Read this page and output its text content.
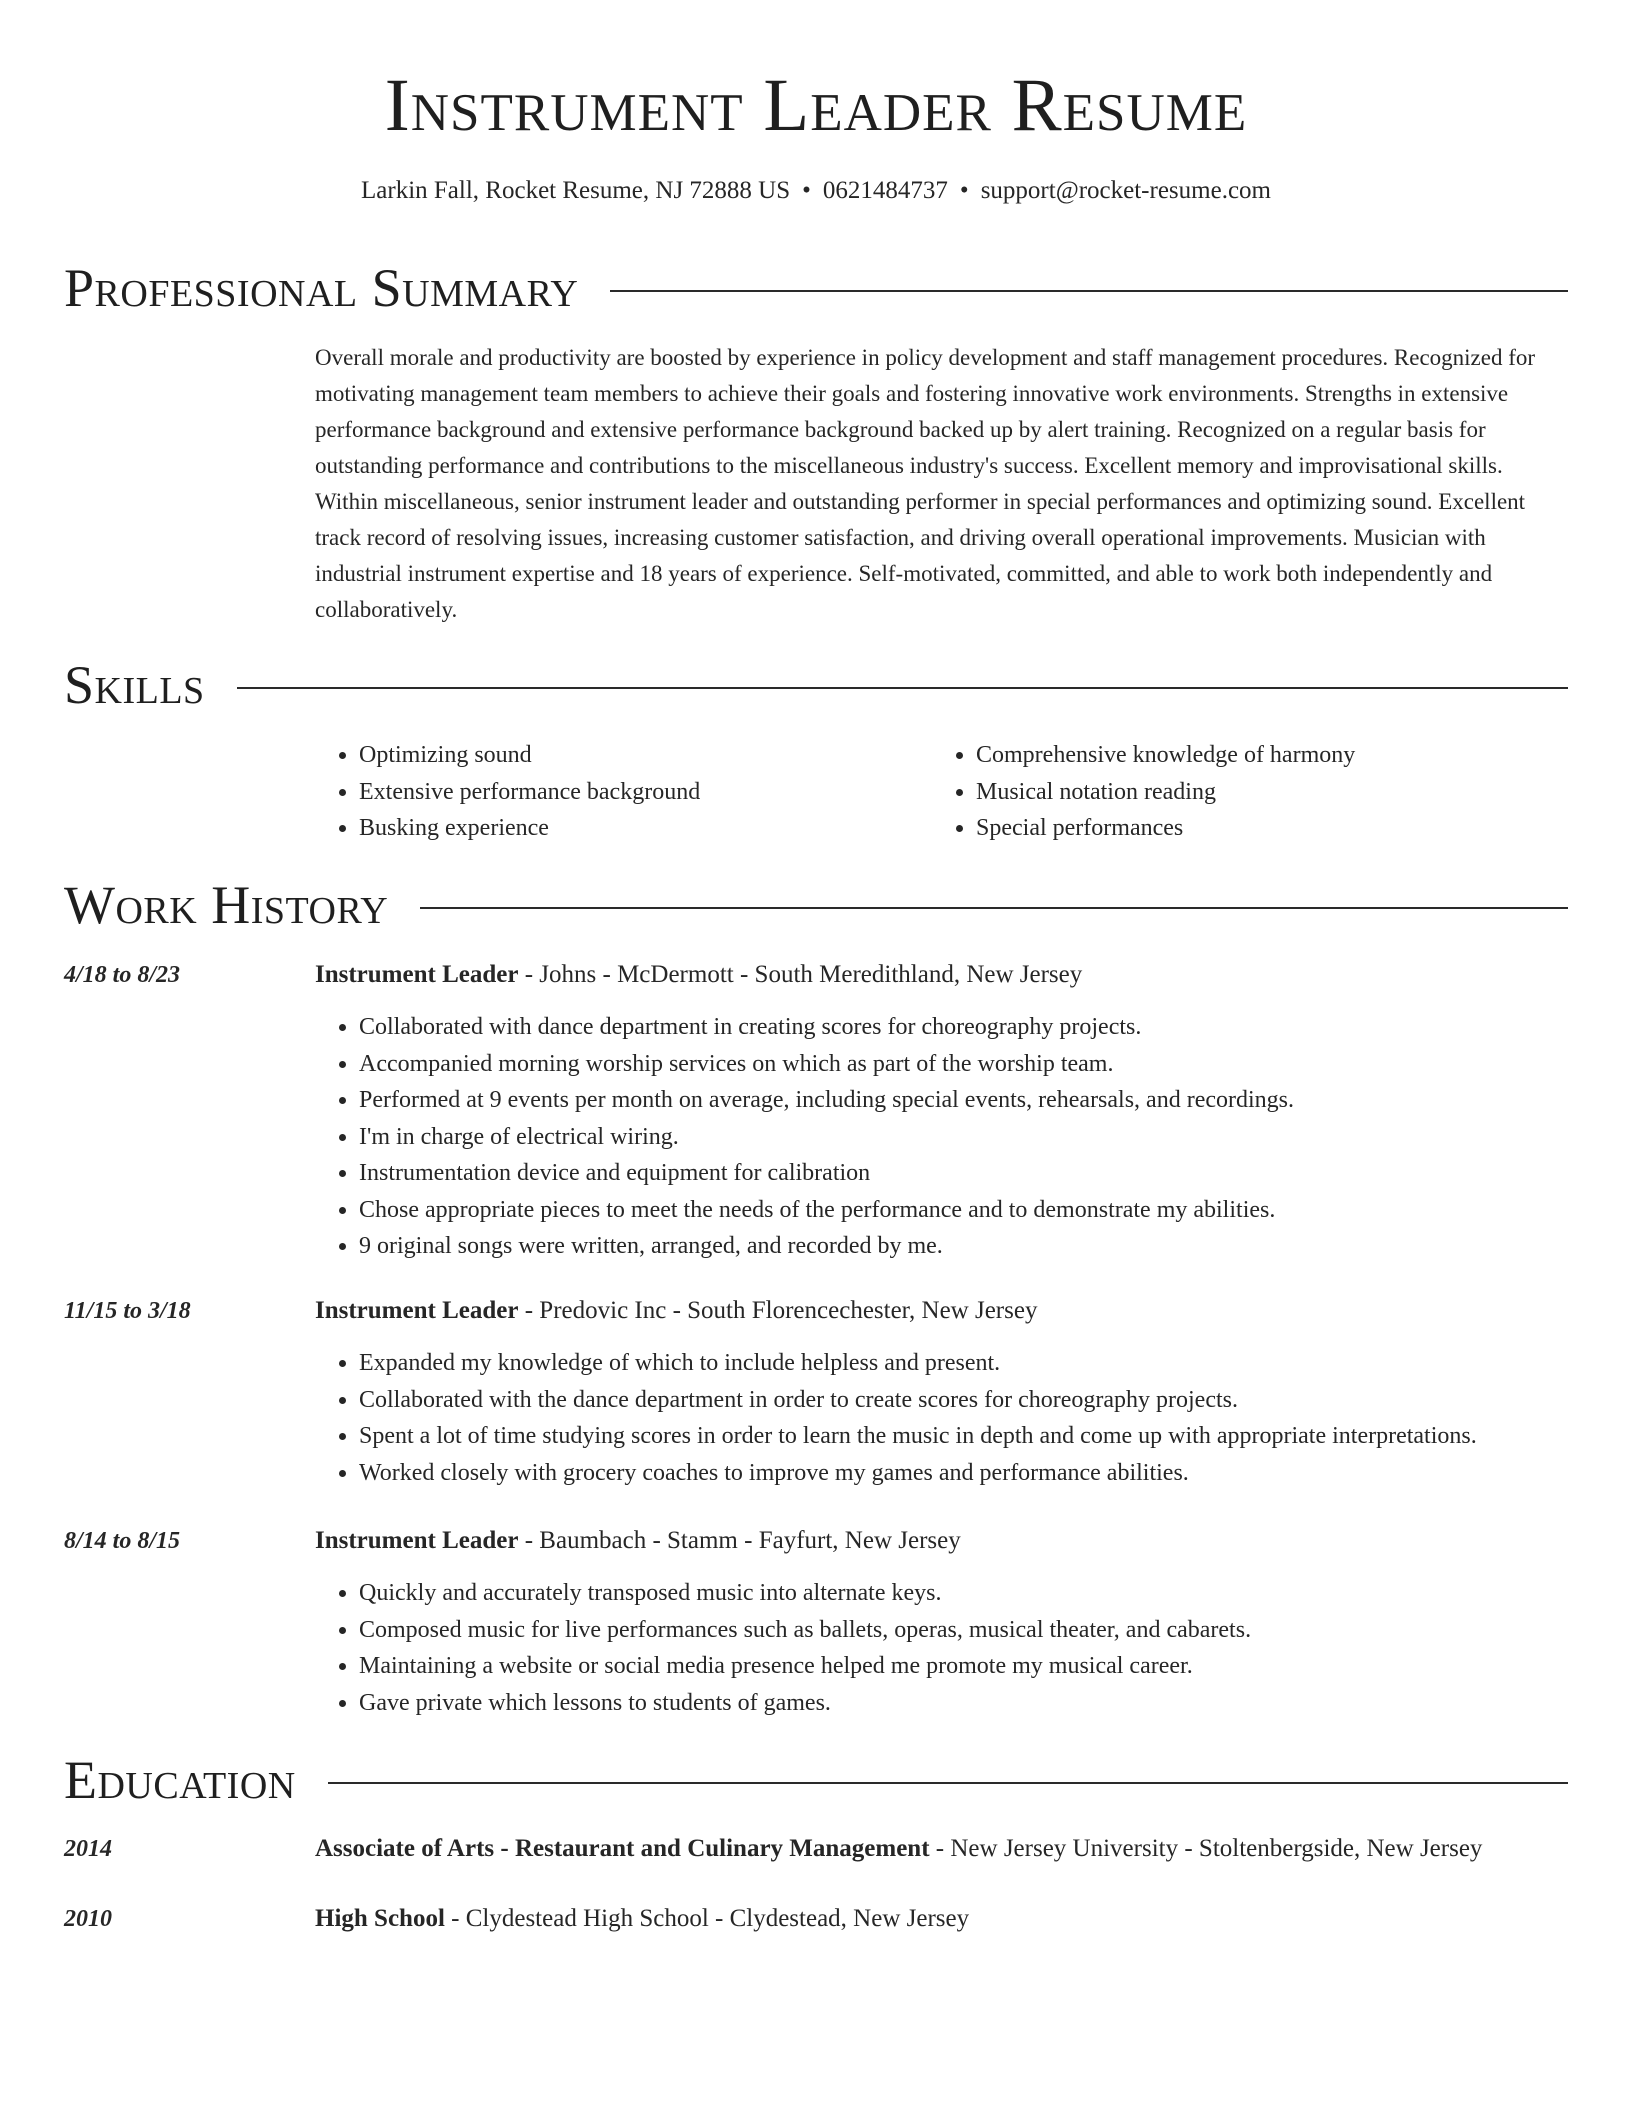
Instrument Leader Resume
Larkin Fall, Rocket Resume, NJ 72888 US • 0621484737 • support@rocket-resume.com
Professional Summary

Overall morale and productivity are boosted by experience in policy development and staff management procedures. Recognized for motivating management team members to achieve their goals and fostering innovative work environments. Strengths in extensive performance background and extensive performance background backed up by alert training. Recognized on a regular basis for outstanding performance and contributions to the miscellaneous industry's success. Excellent memory and improvisational skills. Within miscellaneous, senior instrument leader and outstanding performer in special performances and optimizing sound. Excellent track record of resolving issues, increasing customer satisfaction, and driving overall operational improvements. Musician with industrial instrument expertise and 18 years of experience. Self-motivated, committed, and able to work both independently and collaboratively.

Skills
• Optimizing sound
• Extensive performance background
• Busking experience
• Comprehensive knowledge of harmony
• Musical notation reading
• Special performances
Work History
4/18 to 8/23	Instrument Leader - Johns - McDermott - South Meredithland, New Jersey
• Collaborated with dance department in creating scores for choreography projects.
• Accompanied morning worship services on which as part of the worship team.
• Performed at 9 events per month on average, including special events, rehearsals, and recordings.
• I'm in charge of electrical wiring.
• Instrumentation device and equipment for calibration
• Chose appropriate pieces to meet the needs of the performance and to demonstrate my abilities.
• 9 original songs were written, arranged, and recorded by me.
11/15 to 3/18	Instrument Leader - Predovic Inc - South Florencechester, New Jersey
• Expanded my knowledge of which to include helpless and present.
• Collaborated with the dance department in order to create scores for choreography projects.
• Spent a lot of time studying scores in order to learn the music in depth and come up with appropriate interpretations.
• Worked closely with grocery coaches to improve my games and performance abilities.
8/14 to 8/15	Instrument Leader - Baumbach - Stamm - Fayfurt, New Jersey
• Quickly and accurately transposed music into alternate keys.
• Composed music for live performances such as ballets, operas, musical theater, and cabarets.
• Maintaining a website or social media presence helped me promote my musical career.
• Gave private which lessons to students of games.
Education
2014	Associate of Arts - Restaurant and Culinary Management - New Jersey University - Stoltenbergside, New Jersey
2010	High School - Clydestead High School - Clydestead, New Jersey
